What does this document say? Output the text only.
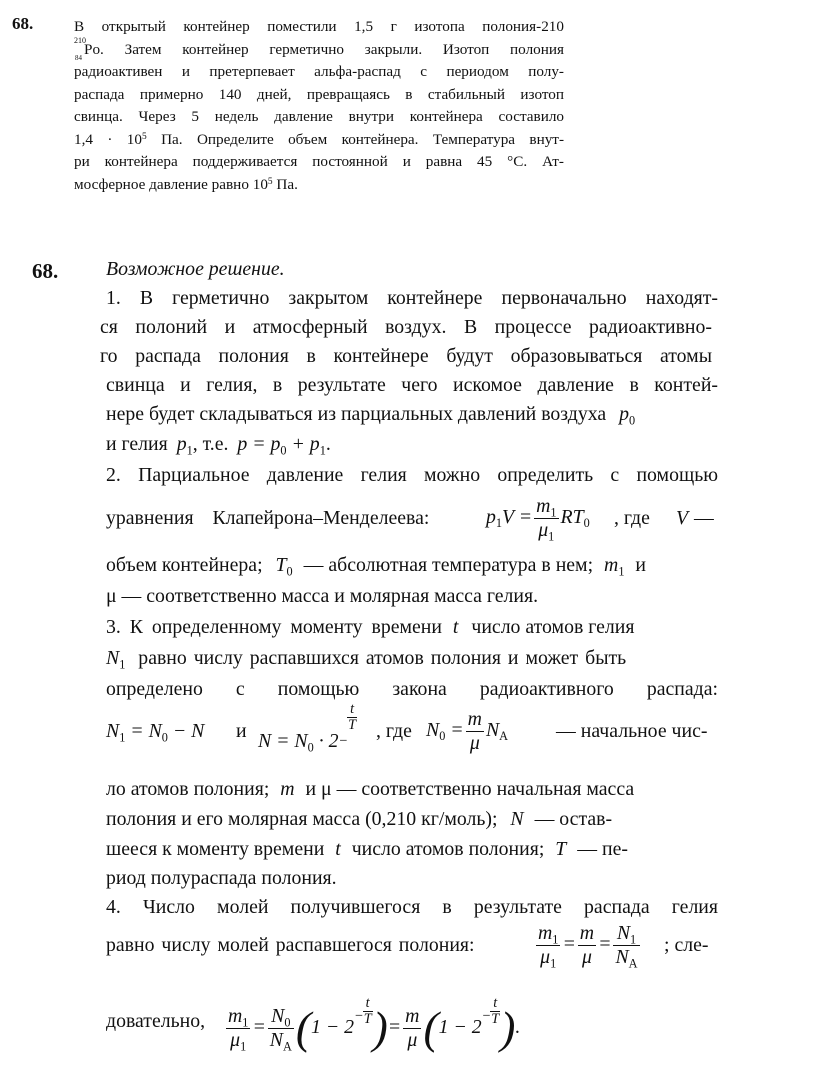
68.	В открытый контейнер поместили 1,5 г изотопа полония-210
210
84 Po. Затем контейнер герметично закрыли. Изотоп полония
радиоактивен и претерпевает альфа-распад с периодом полу-
распада примерно 140 дней, превращаясь в стабильный изотоп
свинца. Через 5 недель давление внутри контейнера составило
$1,4 \cdot 10^5$ Па. Определите объем контейнера. Температура внут-
ри контейнера поддерживается постоянной и равна 45 °С. Ат-
мосферное давление равно $10^5$ Па.
68. Возможное решение.
1. В герметично закрытом контейнере первоначально находят-
ся полоний и атмосферный воздух. В процессе радиоактивно-
го распада полония в контейнере будут образовываться атомы
свинца и гелия, в результате чего искомое давление в контей-
нере будет складываться из парциальных давлений воздуха $p_0$
и гелия $p_1$, т.е. $p = p_0 + p_1$.
2. Парциальное давление гелия можно определить с помощью
уравнения Клапейрона–Менделеева:	$p_1V = \frac{m_1}{\mu_1} RT_0$ , где V —
объем контейнера; $T_0$ — абсолютная температура в нем; $m_1$ и
μ — соответственно масса и молярная масса гелия.
3. К определенному моменту времени t число атомов гелия
$N_1$ равно числу распавшихся атомов полония и может быть
определено с помощью закона радиоактивного распада:
$N_1 = N_0 - N$ и $N = N_0 \cdot 2_-$
$\frac{t}{T}$ , где $N_0 = \frac{m}{\mu} N_A$ — начальное чис-
ло атомов полония; m и μ — соответственно начальная масса
полония и его молярная масса (0,210 кг/моль); N — остав-
шееся к моменту времени t число атомов полония; T — пе-
риод полураспада полония.
4. Число молей получившегося в результате распада гелия
равно числу молей распавшегося полония:	$\frac{m_1}{\mu_1} = \frac{m}{\mu} = \frac{N_1}{N_A}$ ; сле-
довательно, $\frac{m_1}{\mu_1} = \frac{N_0}{N_A} (1 - 2^- \frac{t}{T}$ )= $\frac{m}{\mu} (1 - 2^- \frac{t}{T}$ ).
